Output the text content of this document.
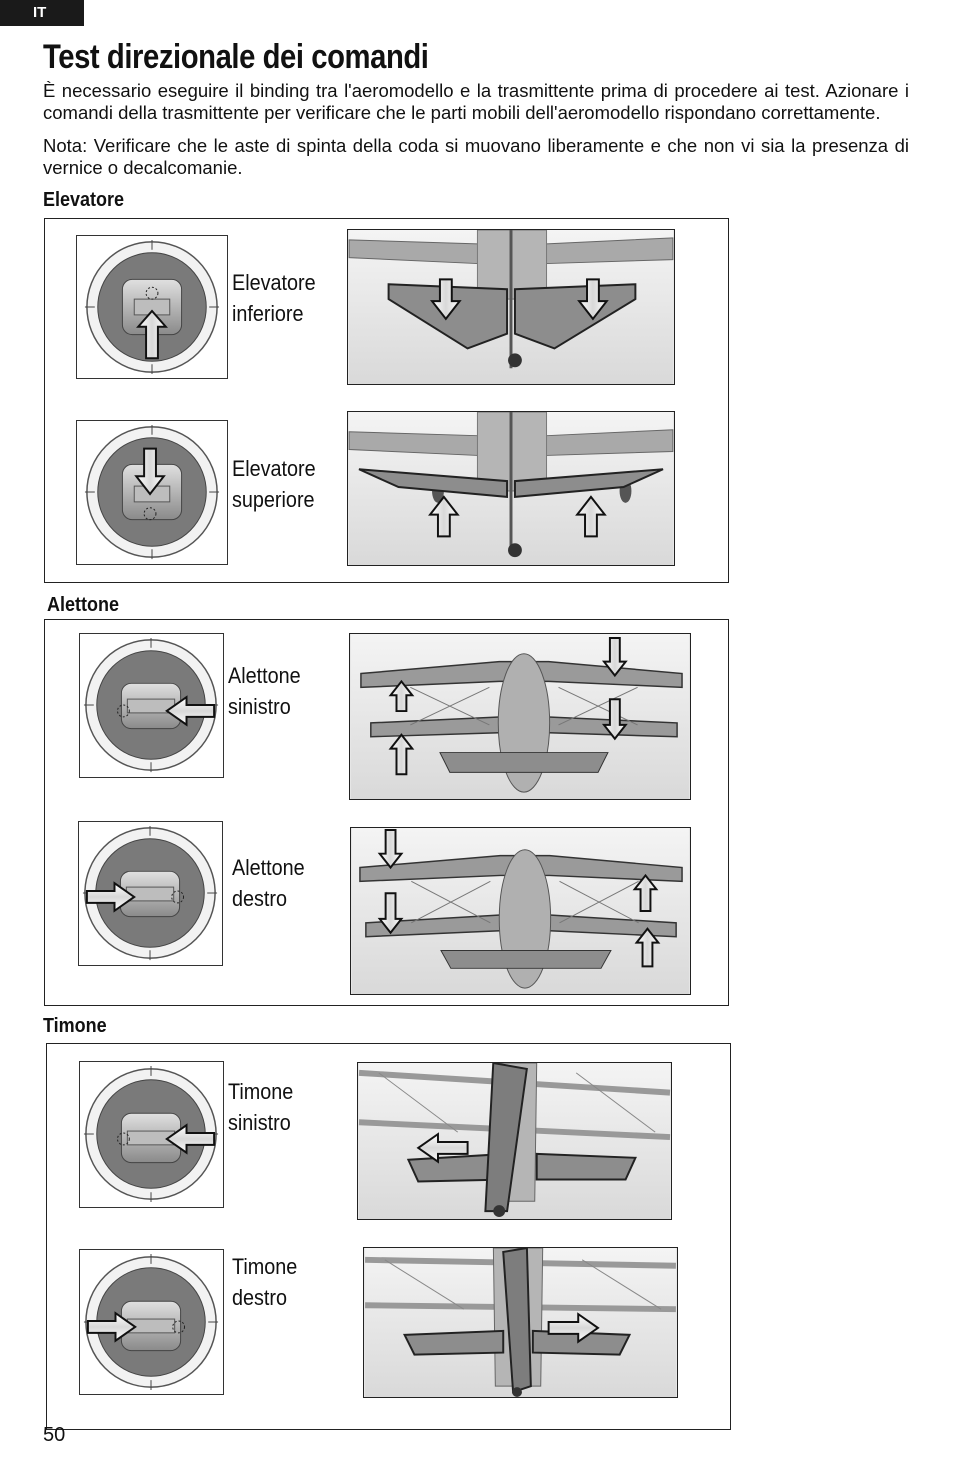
IT
Test direzionale dei comandi

È necessario eseguire il binding tra l'aeromodello e la trasmittente prima di procedere ai test. Azionare i comandi della trasmittente per verificare che le parti mobili dell'aeromodello rispondano correttamente.

Nota: Verificare che le aste di spinta della coda si muovano liberamente e che non vi sia la presenza di vernice o decalcomanie.

Elevatore
Elevatore
inferiore
Elevatore
superiore
Alettone
Alettone
sinistro
Alettone
destro
Timone
Timone
sinistro
Timone
destro
50
